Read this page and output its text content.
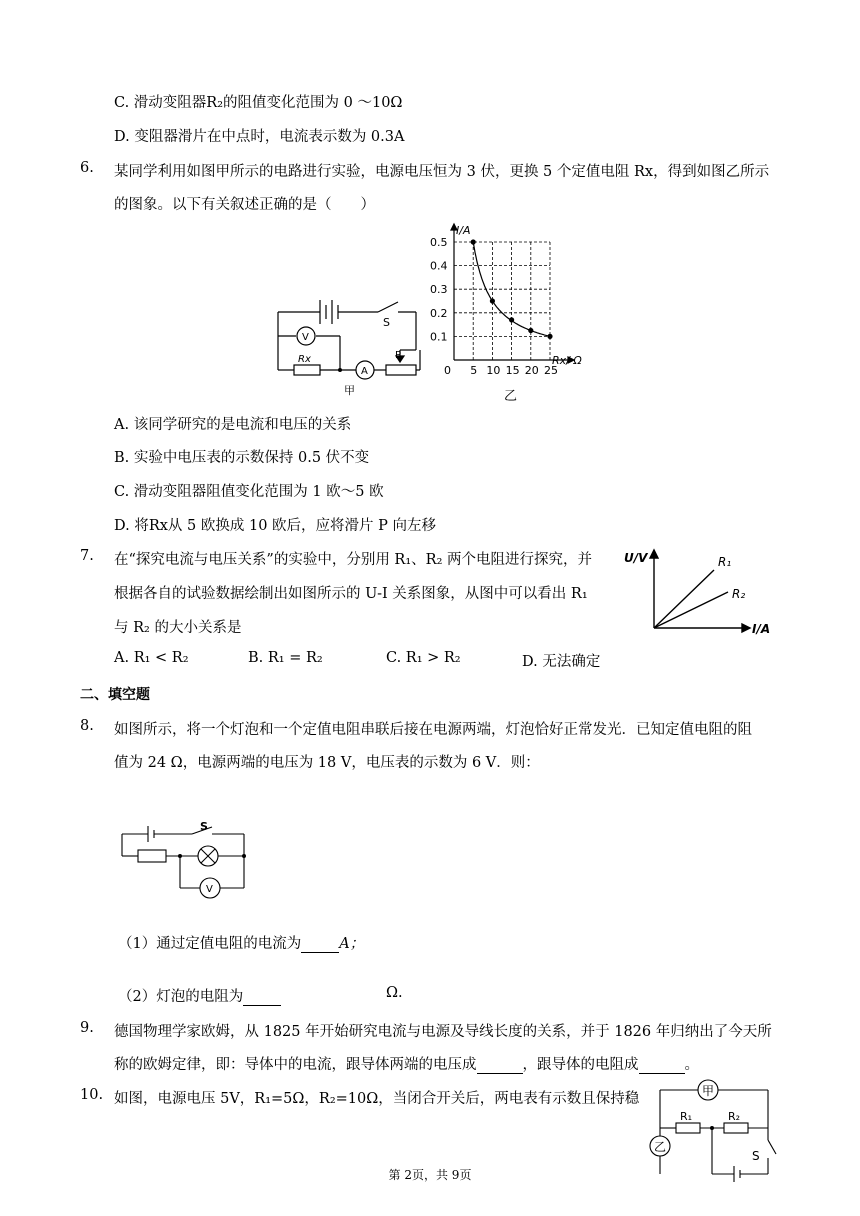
C. 滑动变阻器R₂的阻值变化范围为 0 ～10Ω
D. 变阻器滑片在中点时，电流表示数为 0.3A
6. 某同学利用如图甲所示的电路进行实验，电源电压恒为 3 伏，更换 5 个定值电阻 Rx，得到如图乙所示
的图象。以下有关叙述正确的是（　　）
S
V
A
Rx	P
甲
0 5 10 15 20 25
0.1
0.2
0.3
0.4
0.5
I/A
Rx/ Ω
乙
A. 该同学研究的是电流和电压的关系
B. 实验中电压表的示数保持 0.5 伏不变
C. 滑动变阻器阻值变化范围为 1 欧～5 欧
D. 将Rx从 5 欧换成 10 欧后，应将滑片 P 向左移
7. 在“探究电流与电压关系”的实验中，分别用 R₁、R₂ 两个电阻进行探究，并
根据各自的试验数据绘制出如图所示的 U-I 关系图象，从图中可以看出 R₁
与 R₂ 的大小关系是
U/V
I/A
R₁
R₂
A. R₁ < R₂	B. R₁ = R₂	C. R₁ > R₂	D. 无法确定
二、填空题
8. 如图所示，将一个灯泡和一个定值电阻串联后接在电源两端，灯泡恰好正常发光．已知定值电阻的阻
值为 24 Ω，电源两端的电压为 18 V，电压表的示数为 6 V．则：
S
V
（1）通过定值电阻的电流为	A；
（2）灯泡的电阻为	Ω.
9. 德国物理学家欧姆，从 1825 年开始研究电流与电源及导线长度的关系，并于 1826 年归纳出了今天所
称的欧姆定律，即：导体中的电流，跟导体两端的电压成	，跟导体的电阻成	。
10. 如图，电源电压 5V，R₁=5Ω，R₂=10Ω，当闭合开关后，两电表有示数且保持稳	甲
乙
R₁	R₂
S
第 2页，共 9页
